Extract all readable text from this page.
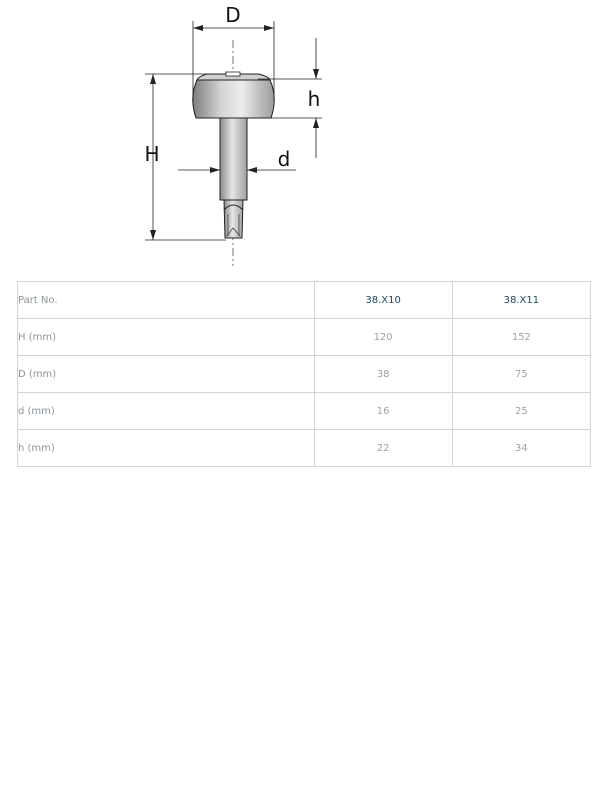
D
h
H	d
Part No.	38.X10	38.X11
H (mm)	120	152
D (mm)	38	75
d (mm)	16	25
h (mm)	22	34
